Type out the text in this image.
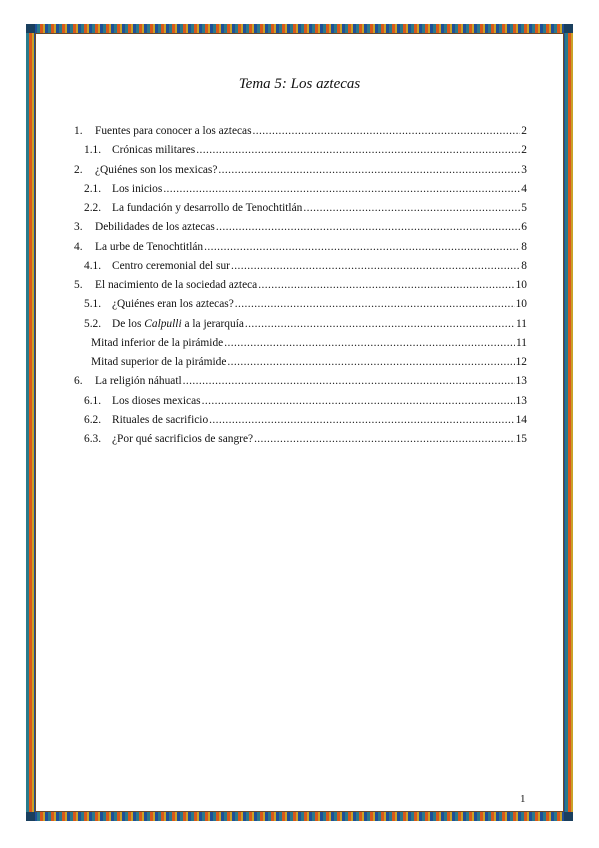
Tema 5: Los aztecas
1.	Fuentes para conocer a los aztecas .....	2
1.1. Crónicas militares .....	2
2.	¿Quiénes son los mexicas? .....	3
2.1. Los inicios .....	4
2.2. La fundación y desarrollo de Tenochtitlán .....	5
3.	Debilidades de los aztecas .....	6
4.	La urbe de Tenochtitlán .....	8
4.1. Centro ceremonial del sur .....	8
5.	El nacimiento de la sociedad azteca .....	10
5.1. ¿Quiénes eran los aztecas? .....	10
5.2. De los Calpulli a la jerarquía .....	11
Mitad inferior de la pirámide .....	11
Mitad superior de la pirámide .....	12
6.	La religión náhuatl .....	13
6.1. Los dioses mexicas .....	13
6.2. Rituales de sacrificio .....	14
6.3. ¿Por qué sacrificios de sangre? .....	15
1
